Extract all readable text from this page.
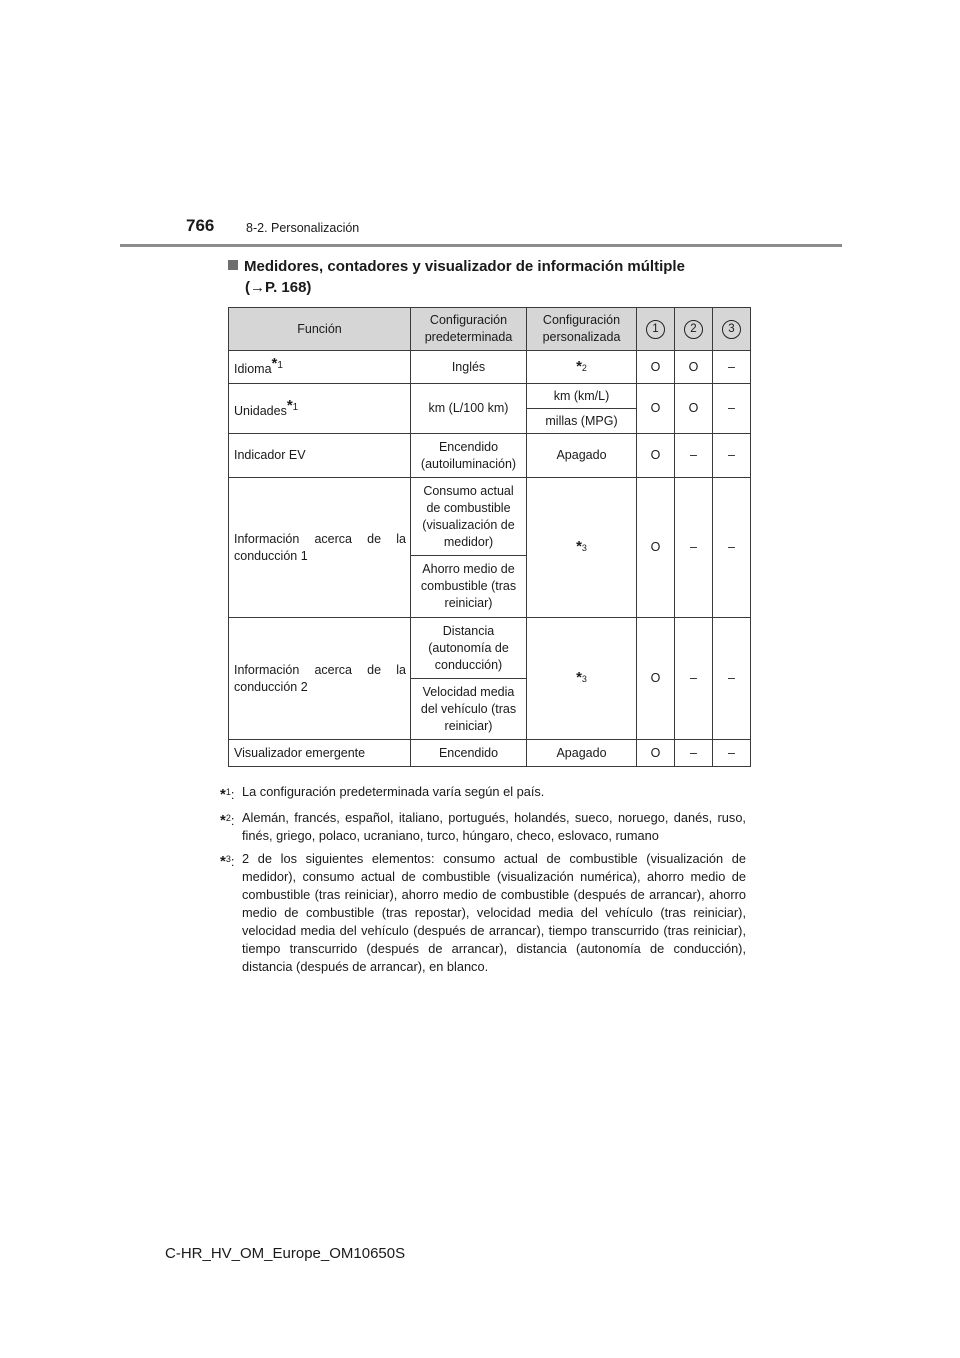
766	8-2. Personalización
Medidores, contadores y visualizador de información múltiple
(→P. 168)
Función	Configuración predeterminada	Configuración personalizada	1	2	3
Idioma$^{*1}$	Inglés	*2	O	O	–
Unidades$^{*1}$	km (L/100 km)	km (km/L)	O	O	–
		millas (MPG)			
Indicador EV	Encendido (autoiluminación)	Apagado	O	–	–
Información acerca de la conducción 1	Consumo actual de combustible (visualización de medidor)	*3	O	–	–
	Ahorro medio de combustible (tras reiniciar)				
Información acerca de la conducción 2	Distancia (autonomía de conducción)	*3	O	–	–
	Velocidad media del vehículo (tras reiniciar)				
Visualizador emergente	Encendido	Apagado	O	–	–
*$^1$: La configuración predeterminada varía según el país.
*$^2$: Alemán, francés, español, italiano, portugués, holandés, sueco, noruego, danés, ruso, finés, griego, polaco, ucraniano, turco, húngaro, checo, eslovaco, rumano
*$^3$: 2 de los siguientes elementos: consumo actual de combustible (visualización de medidor), consumo actual de combustible (visualización numérica), ahorro medio de combustible (tras reiniciar), ahorro medio de combustible (después de arrancar), ahorro medio de combustible (tras repostar), velocidad media del vehículo (tras reiniciar), velocidad media del vehículo (después de arrancar), tiempo transcurrido (tras reiniciar), tiempo transcurrido (después de arrancar), distancia (autonomía de conducción), distancia (después de arrancar), en blanco.
C-HR_HV_OM_Europe_OM10650S
